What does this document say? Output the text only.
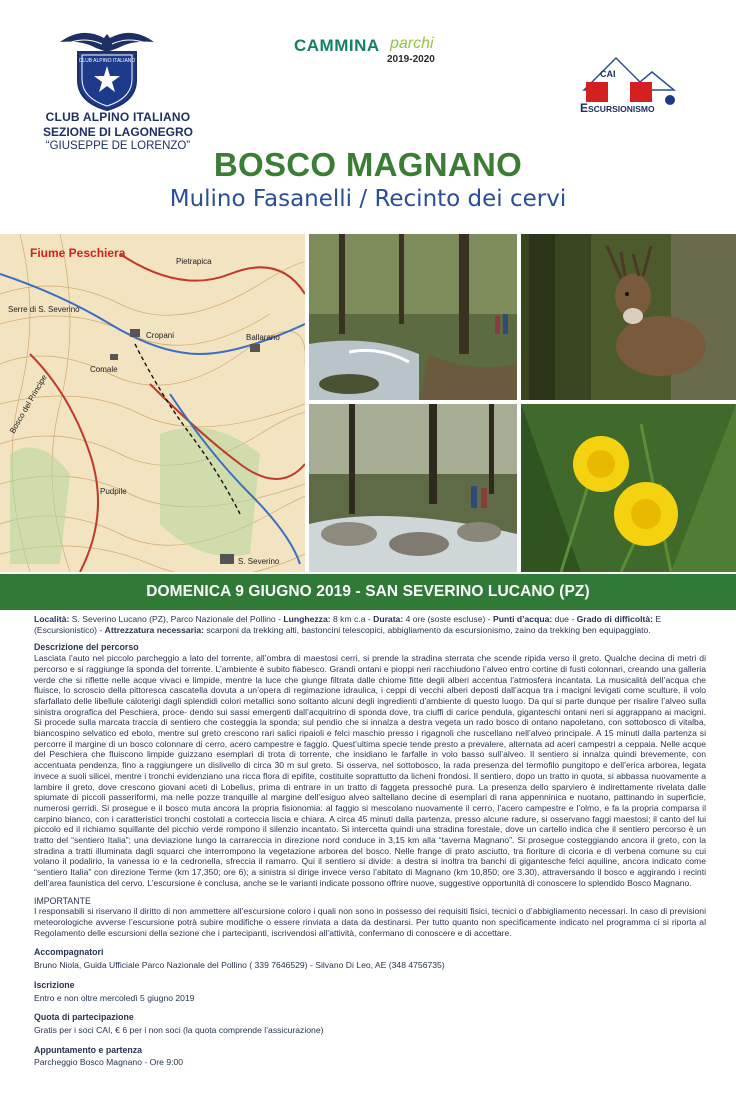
CLUB ALPINO ITALIANO
CLUB ALPINO ITALIANO
SEZIONE DI LAGONEGRO
“GIUSEPPE DE LORENZO”
CAMMINA parchi
2019-2020
CAI
E SCURSIONISMO
BOSCO MAGNANO
Mulino Fasanelli / Recinto dei cervi
Serre di S. Severino
Ballarano
Cropani
Comale
Pudpile
S. Severino
Bosco del Principe
Pietrapica
Fiume Peschiera
DOMENICA 9 GIUGNO 2019 - SAN SEVERINO LUCANO (PZ)
Località: S. Severino Lucano (PZ), Parco Nazionale del Pollino - Lunghezza: 8 km c.a - Durata: 4 ore (soste escluse) - Punti d’acqua: due - Grado di difficoltà: E (Escursionistico) - Attrezzatura necessaria: scarponi da trekking alti, bastoncini telescopici, abbigliamento da escursionismo, zaino da trekking ben equipaggiato.
Descrizione del percorso
Lasciata l’auto nel piccolo parcheggio a lato del torrente, all’ombra di maestosi cerri, si prende la stradina sterrata che scende ripida verso il greto. Qualche decina di metri di percorso e si raggiunge la sponda del torrente. L’ambiente è subito fiabesco. Grandi ontani e pioppi neri racchiudono l’alveo entro cortine di fusti colonnari, creando una galleria verde che si riflette nelle acque vivaci e limpide, mentre la luce che giunge filtrata dalle chiome fitte degli alberi accentua l’atmosfera incantata. La musicalità dell’acqua che fluisce, lo scroscio della pittoresca cascatella dovuta a un’opera di regimazione idraulica, i ceppi di vecchi alberi deposti dall’acqua tra i macigni levigati come sculture, il volo sfarfallato delle libellule caloterigi dagli splendidi colori metallici sono soltanto alcuni degli ingredienti d’ambiente di questo luogo. Da qui si parte dunque per risalire l’alveo sulla sinistra orografica del Peschiera, proce- dendo sui sassi emergenti dall’acquitrino di sponda dove, tra ciuffi di carice pendula, giganteschi ontani neri si aggrappano ai macigni. Si procede sulla marcata traccia di sentiero che costeggia la sponda; sul pendio che si innalza a destra vegeta un rado bosco di ontano napoletano, con sottobosco di vitalba, biancospino selvatico ed ebolo, mentre sul greto crescono rari salici ripaioli e felci maschio presso i rigagnoli che ruscellano nell’alveo principale. A 15 minuti dalla partenza si percorre il margine di un bosco colonnare di cerro, acero campestre e faggio. Quest’ultima specie tende presto a prevalere, alternata ad aceri campestri a ceppaia. Nelle acque del Peschiera che fluiscono limpide guizzano esemplari di trota di torrente, che insidiano le farfalle in volo basso sull’alveo. Il sentiero si innalza quindi brevemente, con accentuata pendenza, fino a raggiungere un dislivello di circa 30 m sul greto. Si osserva, nel sottobosco, la rada presenza del termofilo pungitopo e dell’erica arborea, legata invece a suoli silicei, mentre i tronchi evidenziano una ricca flora di epifite, costituite soprattutto da licheni frondosi. Il sentiero, dopo un tratto in quota, si abbassa nuovamente a lambire il greto, dove crescono giovani aceti di Lobelius, prima di entrare in un tratto di faggeta pressoché pura. La presenza dello sparviero è indirettamente rivelata dalle spiumate di piccoli passeriformi, ma nelle pozze tranquille al margine dell’esiguo alveo saltellano decine di esemplari di rana appenninica e nuotano, pattinando in superficie, numerosi gerridi. Si prosegue e il bosco muta ancora la propria fisionomia: al faggio si mescolano nuovamente il cerro, l’acero campestre e l’olmo, e fa la propria comparsa il carpino bianco, con i caratteristici tronchi costolati a corteccia liscia e chiara. A circa 45 minuti dalla partenza, presso alcune radure, si osservano faggi maestosi; il canto del lui piccolo ed il richiamo squillante del picchio verde rompono il silenzio incantato. Si intercetta quindi una stradina forestale, dove un cartello indica che il sentiero percorso è un tratto del “sentiero Italia”; una deviazione lungo la carrareccia in direzione nord conduce in 3,15 km alla “taverna Magnano”. Si prosegue costeggiando ancora il greto, con la stradina a tratti illuminata dagli squarci che interrompono la vegetazione arborea del bosco. Nelle frange di prato asciutto, tra fioriture di cicoria e di verbena comune su cui volano il podalirio, la vanessa io e la cedronella, sfreccia il ramarro. Qui il sentiero si divide: a destra si inoltra tra banchi di gigantesche felci aquiline, ancora indicato come “sentiero Italia” con direzione Terme (km 17,350; ore 6); a sinistra si dirige invece verso l’abitato di Magnano (km 10,850; ore 3.30), attraversando il bosco e aggirando i recinti dell’area faunistica del cervo. L’escursione è conclusa, anche se le varianti indicate possono offrire nuove, suggestive opportunità di conoscere lo splendido Bosco Magnano.
IMPORTANTE
I responsabili si riservano il diritto di non ammettere all’escursione coloro i quali non sono in possesso dei requisiti fisici, tecnici o d’abbigliamento necessari. In caso di previsioni meteorologiche avverse l’escursione potrà subire modifiche o essere rinviata a data da destinarsi. Per tutto quanto non specificamente indicato nel programma ci si riporta al Regolamento delle escursioni della sezione che i partecipanti, iscrivendosi all’attività, confermano di conoscere e di accettare.
Accompagnatori
Bruno Niola, Guida Ufficiale Parco Nazionale del Pollino ( 339 7646529) - Silvano Di Leo, AE (348 4756735)
Iscrizione
Entro e non oltre mercoledì 5 giugno 2019
Quota di partecipazione
Gratis per i soci CAI, € 6 per i non soci (la quota comprende l’assicurazione)
Appuntamento e partenza
Parcheggio Bosco Magnano - Ore 9:00
